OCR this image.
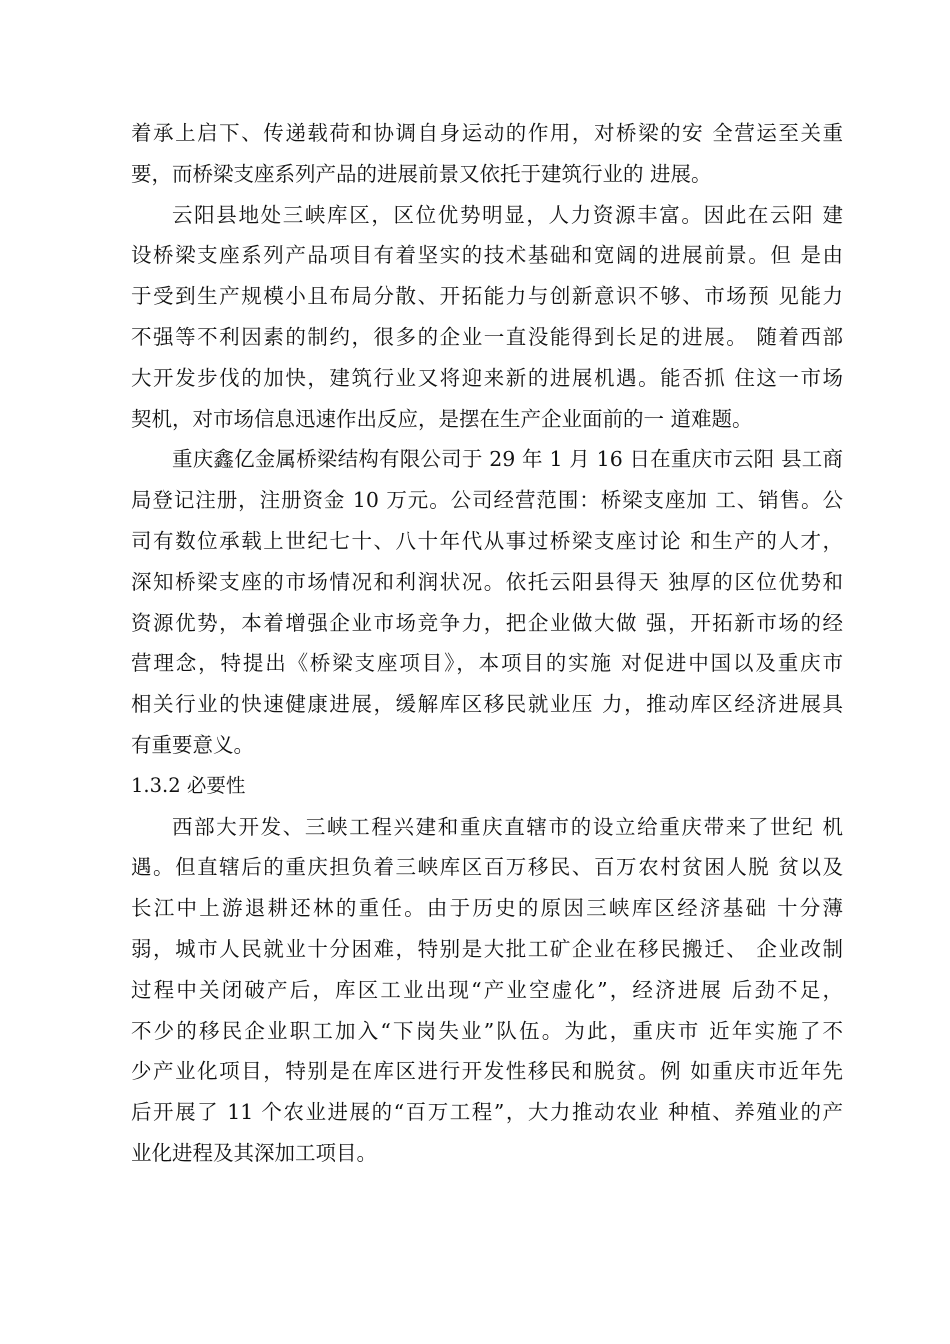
着承上启下、传递载荷和协调自身运动的作用，对桥梁的安 全营运至关重
要，而桥梁支座系列产品的进展前景又依托于建筑行业的 进展。
云阳县地处三峡库区，区位优势明显，人力资源丰富。因此在云阳 建
设桥梁支座系列产品项目有着坚实的技术基础和宽阔的进展前景。但 是由
于受到生产规模小且布局分散、开拓能力与创新意识不够、市场预 见能力
不强等不利因素的制约，很多的企业一直没能得到长足的进展。 随着西部
大开发步伐的加快，建筑行业又将迎来新的进展机遇。能否抓 住这一市场
契机，对市场信息迅速作出反应，是摆在生产企业面前的一 道难题。
重庆鑫亿金属桥梁结构有限公司于 29 年 1 月 16 日在重庆市云阳 县工商
局登记注册，注册资金 10 万元。公司经营范围：桥梁支座加 工、销售。公
司有数位承载上世纪七十、八十年代从事过桥梁支座讨论 和生产的人才，
深知桥梁支座的市场情况和利润状况。依托云阳县得天 独厚的区位优势和
资源优势，本着增强企业市场竞争力，把企业做大做 强，开拓新市场的经
营理念，特提出《桥梁支座项目》，本项目的实施 对促进中国以及重庆市
相关行业的快速健康进展，缓解库区移民就业压 力，推动库区经济进展具
有重要意义。
1.3.2 必要性
西部大开发、三峡工程兴建和重庆直辖市的设立给重庆带来了世纪 机
遇。但直辖后的重庆担负着三峡库区百万移民、百万农村贫困人脱 贫以及
长江中上游退耕还林的重任。由于历史的原因三峡库区经济基础 十分薄
弱，城市人民就业十分困难，特别是大批工矿企业在移民搬迁、 企业改制
过程中关闭破产后，库区工业出现“产业空虚化”，经济进展 后劲不足，
不少的移民企业职工加入“下岗失业”队伍。为此，重庆市 近年实施了不
少产业化项目，特别是在库区进行开发性移民和脱贫。例 如重庆市近年先
后开展了 11 个农业进展的“百万工程”，大力推动农业 种植、养殖业的产
业化进程及其深加工项目。
